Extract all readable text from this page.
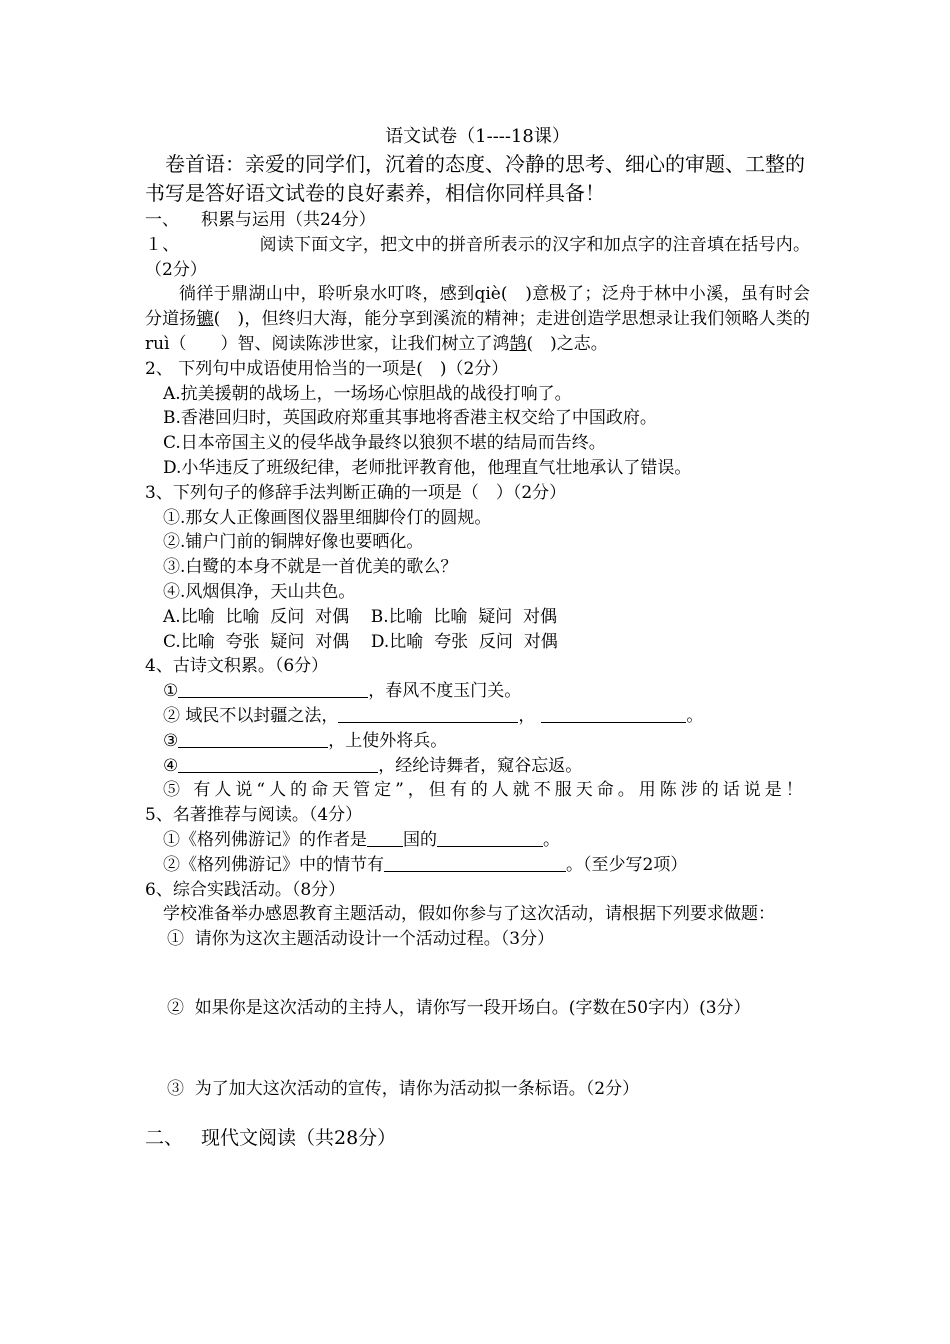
语文试卷（1----18课）
卷首语：亲爱的同学们，沉着的态度、冷静的思考、细心的审题、工整的书写是答好语文试卷的良好素养，相信你同样具备！
一、 积累与运用（共24分）
１、	阅读下面文字，把文中的拼音所表示的汉字和加点字的注音填在括号内。（2分）
徜徉于鼎湖山中，聆听泉水叮咚，感到qiè(　)意极了；泛舟于林中小溪，虽有时会分道扬镳(　)，但终归大海，能分享到溪流的精神；走进创造学思想录让我们领略人类的ruì（　　）智、阅读陈涉世家，让我们树立了鸿鹄(　)之志。
2、 下列句中成语使用恰当的一项是(　)（2分）
A.抗美援朝的战场上，一场场心惊胆战的战役打响了。
B.香港回归时，英国政府郑重其事地将香港主权交给了中国政府。
C.日本帝国主义的侵华战争最终以狼狈不堪的结局而告终。
D.小华违反了班级纪律，老师批评教育他，他理直气壮地承认了错误。
3、下列句子的修辞手法判断正确的一项是（　）（2分）
①.那女人正像画图仪器里细脚伶仃的圆规。
②.铺户门前的铜牌好像也要晒化。
③.白鹭的本身不就是一首优美的歌么？
④.风烟俱净，天山共色。
A.比喻  比喻  反问  对偶    B.比喻  比喻  疑问  对偶
C.比喻  夸张  疑问  对偶    D.比喻  夸张  反问  对偶
4、古诗文积累。（6分）
①	，春风不度玉门关。
② 域民不以封疆之法，	，	。
③	，上使外将兵。
④	，经纶诗舞者，窥谷忘返。
⑤ 有人说“人的命天管定”，但有的人就不服天命。用陈涉的话说是！
5、名著推荐与阅读。（4分）
①《格列佛游记》的作者是 国的	。
②《格列佛游记》中的情节有	。（至少写2项）
6、综合实践活动。（8分）
学校准备举办感恩教育主题活动，假如你参与了这次活动，请根据下列要求做题：
①  请你为这次主题活动设计一个活动过程。（3分）
②  如果你是这次活动的主持人，请你写一段开场白。(字数在50字内）(3分）
③  为了加大这次活动的宣传，请你为活动拟一条标语。（2分）
二、 现代文阅读（共28分）
